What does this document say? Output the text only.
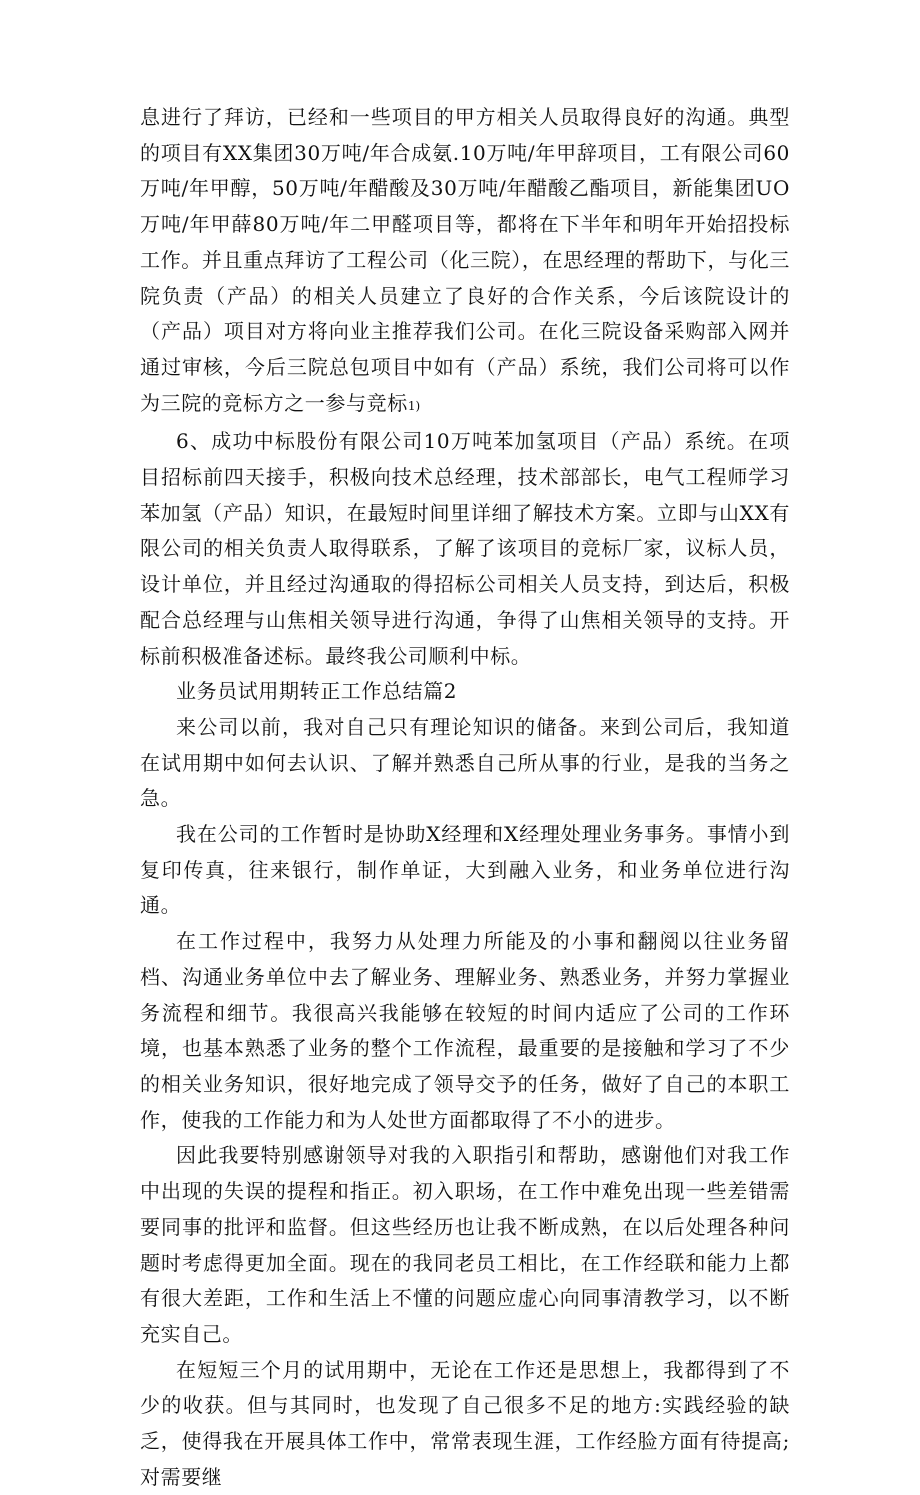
息进行了拜访，已经和一些项目的甲方相关人员取得良好的沟通。典型的项目有XX集团30万吨/年合成氨.10万吨/年甲辞项目，工有限公司60万吨/年甲醇，50万吨/年醋酸及30万吨/年醋酸乙酯项目，新能集团UO万吨/年甲薛80万吨/年二甲醛项目等，都将在下半年和明年开始招投标工作。并且重点拜访了工程公司（化三院），在思经理的帮助下，与化三院负责（产品）的相关人员建立了良好的合作关系，今后该院设计的（产品）项目对方将向业主推荐我们公司。在化三院设备采购部入网并通过审核，今后三院总包项目中如有（产品）系统，我们公司将可以作为三院的竞标方之一参与竞标1)

6、成功中标股份有限公司10万吨苯加氢项目（产品）系统。在项目招标前四天接手，积极向技术总经理，技术部部长，电气工程师学习苯加氢（产品）知识，在最短时间里详细了解技术方案。立即与山XX有限公司的相关负责人取得联系，了解了该项目的竞标厂家，议标人员，设计单位，并且经过沟通取的得招标公司相关人员支持，到达后，积极配合总经理与山焦相关领导进行沟通，争得了山焦相关领导的支持。开标前积极准备述标。最终我公司顺利中标。

业务员试用期转正工作总结篇2

来公司以前，我对自己只有理论知识的储备。来到公司后，我知道在试用期中如何去认识、了解并熟悉自己所从事的行业，是我的当务之急。

我在公司的工作暂时是协助X经理和X经理处理业务事务。事情小到复印传真，往来银行，制作单证，大到融入业务，和业务单位进行沟通。

在工作过程中，我努力从处理力所能及的小事和翻阅以往业务留档、沟通业务单位中去了解业务、理解业务、熟悉业务，并努力掌握业务流程和细节。我很高兴我能够在较短的时间内适应了公司的工作环境，也基本熟悉了业务的整个工作流程，最重要的是接触和学习了不少的相关业务知识，很好地完成了领导交予的任务，做好了自己的本职工作，使我的工作能力和为人处世方面都取得了不小的进步。

因此我要特别感谢领导对我的入职指引和帮助，感谢他们对我工作中出现的失误的提程和指正。初入职场，在工作中难免出现一些差错需要同事的批评和监督。但这些经历也让我不断成熟，在以后处理各种问题时考虑得更加全面。现在的我同老员工相比，在工作经联和能力上都有很大差距，工作和生活上不懂的问题应虚心向同事清教学习，以不断充实自己。

在短短三个月的试用期中，无论在工作还是思想上，我都得到了不少的收获。但与其同时，也发现了自己很多不足的地方:实践经验的缺乏，使得我在开展具体工作中，常常表现生涯，工作经脸方面有待提高;对需要继
